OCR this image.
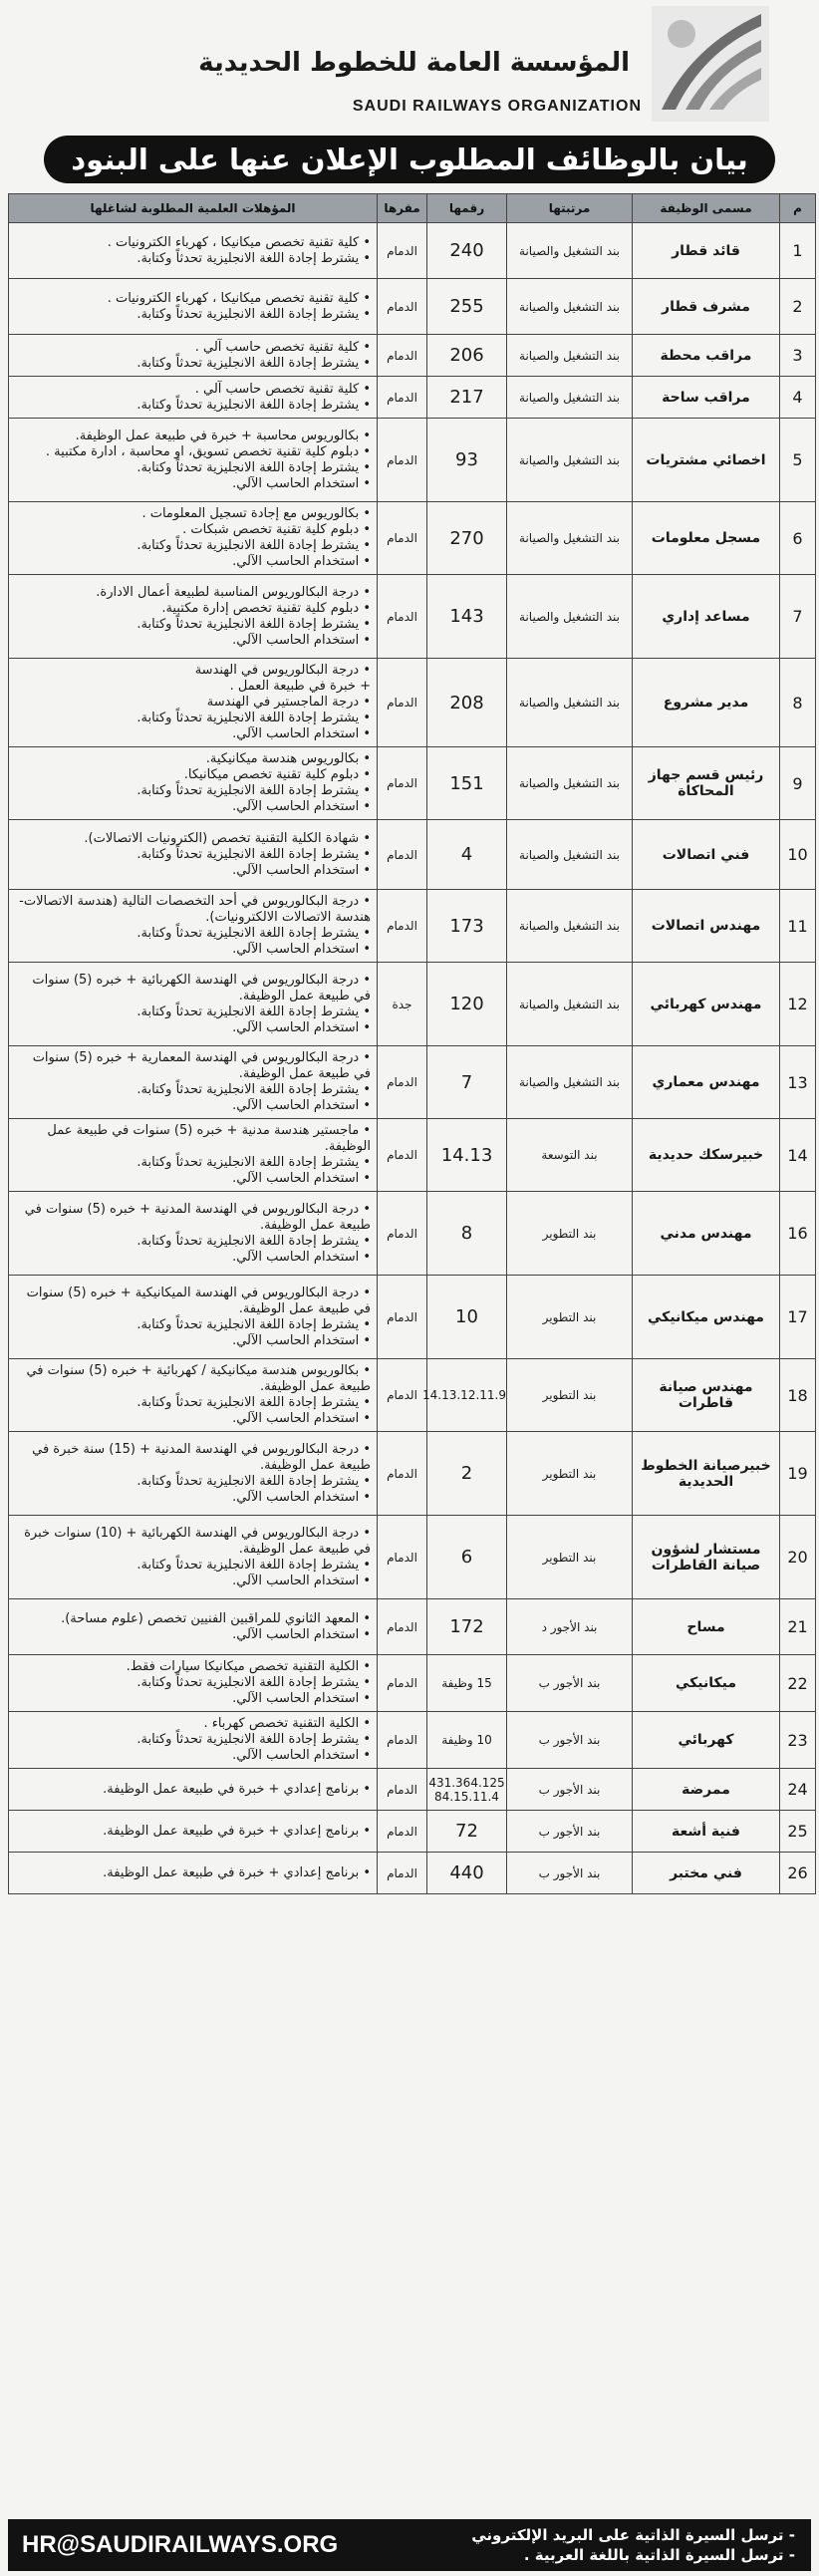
المؤسسة العامة للخطوط الحديدية
SAUDI RAILWAYS ORGANIZATION
بيان بالوظائف المطلوب الإعلان عنها على البنود
م	مسمى الوظيفة	مرتبتها	رقمها	مقرها	المؤهلات العلمية المطلوبة لشاغلها
1	قائد قطار	بند التشغيل والصيانة	240	الدمام	• كلية تقنية تخصص ميكانيكا ، كهرباء الكترونيات .
• يشترط إجادة اللغة الانجليزية تحدثاً وكتابة.

2	مشرف قطار	بند التشغيل والصيانة	255	الدمام	• كلية تقنية تخصص ميكانيكا ، كهرباء الكترونيات .
• يشترط إجادة اللغة الانجليزية تحدثاً وكتابة.

3	مراقب محطة	بند التشغيل والصيانة	206	الدمام	• كلية تقنية تخصص حاسب آلي .
• يشترط إجادة اللغة الانجليزية تحدثاً وكتابة.

4	مراقب ساحة	بند التشغيل والصيانة	217	الدمام	• كلية تقنية تخصص حاسب آلي .
• يشترط إجادة اللغة الانجليزية تحدثاً وكتابة.

5	اخصائي مشتريات	بند التشغيل والصيانة	93	الدمام	• بكالوريوس محاسبة + خبرة في طبيعة عمل الوظيفة.
• دبلوم كلية تقنية تخصص تسويق، او محاسبة ، ادارة مكتبية .
• يشترط إجادة اللغة الانجليزية تحدثاً وكتابة.
• استخدام الحاسب الآلي.

6	مسجل معلومات	بند التشغيل والصيانة	270	الدمام	• بكالوريوس مع إجادة تسجيل المعلومات .
• دبلوم كلية تقنية تخصص شبكات .
• يشترط إجادة اللغة الانجليزية تحدثاً وكتابة.
• استخدام الحاسب الآلي.

7	مساعد إداري	بند التشغيل والصيانة	143	الدمام	• درجة البكالوريوس المناسبة لطبيعة أعمال الادارة.
• دبلوم كلية تقنية تخصص إدارة مكتبية.
• يشترط إجادة اللغة الانجليزية تحدثاً وكتابة.
• استخدام الحاسب الآلي.

8	مدير مشروع	بند التشغيل والصيانة	208	الدمام	• درجة البكالوريوس في الهندسة
+ خبرة في طبيعة العمل .
• درجة الماجستير في الهندسة
• يشترط إجادة اللغة الانجليزية تحدثاً وكتابة.
• استخدام الحاسب الآلي.

9	رئيس قسم جهاز المحاكاة	بند التشغيل والصيانة	151	الدمام	• بكالوريوس هندسة ميكانيكية.
• دبلوم كلية تقنية تخصص ميكانيكا.
• يشترط إجادة اللغة الانجليزية تحدثاً وكتابة.
• استخدام الحاسب الآلي.

10	فني اتصالات	بند التشغيل والصيانة	4	الدمام	• شهادة الكلية التقنية تخصص (الكترونيات الاتصالات).
• يشترط إجادة اللغة الانجليزية تحدثاً وكتابة.
• استخدام الحاسب الآلي.

11	مهندس اتصالات	بند التشغيل والصيانة	173	الدمام	• درجة البكالوريوس في أحد التخصصات التالية (هندسة الاتصالات-هندسة الاتصالات الالكترونيات).
• يشترط إجادة اللغة الانجليزية تحدثاً وكتابة.
• استخدام الحاسب الآلي.

12	مهندس كهربائي	بند التشغيل والصيانة	120	جدة	• درجة البكالوريوس في الهندسة الكهربائية + خبره (5) سنوات في طبيعة عمل الوظيفة.
• يشترط إجادة اللغة الانجليزية تحدثاً وكتابة.
• استخدام الحاسب الآلي.

13	مهندس معماري	بند التشغيل والصيانة	7	الدمام	• درجة البكالوريوس في الهندسة المعمارية + خبره (5) سنوات في طبيعة عمل الوظيفة.
• يشترط إجادة اللغة الانجليزية تحدثاً وكتابة.
• استخدام الحاسب الآلي.

14	خبيرسكك حديدية	بند التوسعة	14.13	الدمام	• ماجستير هندسة مدنية + خبره (5) سنوات في طبيعة عمل الوظيفة.
• يشترط إجادة اللغة الانجليزية تحدثاً وكتابة.
• استخدام الحاسب الآلي.

16	مهندس مدني	بند التطوير	8	الدمام	• درجة البكالوريوس في الهندسة المدنية + خبره (5) سنوات في طبيعة عمل الوظيفة.
• يشترط إجادة اللغة الانجليزية تحدثاً وكتابة.
• استخدام الحاسب الآلي.

17	مهندس ميكانيكي	بند التطوير	10	الدمام	• درجة البكالوريوس في الهندسة الميكانيكية + خبره (5) سنوات في طبيعة عمل الوظيفة.
• يشترط إجادة اللغة الانجليزية تحدثاً وكتابة.
• استخدام الحاسب الآلي.

18	مهندس صيانة قاطرات	بند التطوير	14.13.12.11.9	الدمام	• بكالوريوس هندسة ميكانيكية / كهربائية + خبره (5) سنوات في طبيعة عمل الوظيفة.
• يشترط إجادة اللغة الانجليزية تحدثاً وكتابة.
• استخدام الحاسب الآلي.

19	خبيرصيانة الخطوط الحديدية	بند التطوير	2	الدمام	• درجة البكالوريوس في الهندسة المدنية + (15) سنة خبرة في طبيعة عمل الوظيفة.
• يشترط إجادة اللغة الانجليزية تحدثاً وكتابة.
• استخدام الحاسب الآلي.

20	مستشار لشؤون صيانة القاطرات	بند التطوير	6	الدمام	• درجة البكالوريوس في الهندسة الكهربائية + (10) سنوات خبرة في طبيعة عمل الوظيفة.
• يشترط إجادة اللغة الانجليزية تحدثاً وكتابة.
• استخدام الحاسب الآلي.

21	مساح	بند الأجور د	172	الدمام	• المعهد الثانوي للمراقبين الفنيين تخصص (علوم مساحة).
• استخدام الحاسب الآلي.

22	ميكانيكي	بند الأجور ب	15 وظيفة	الدمام	• الكلية التقنية تخصص ميكانيكا سيارات فقط.
• يشترط إجادة اللغة الانجليزية تحدثاً وكتابة.
• استخدام الحاسب الآلي.

23	كهربائي	بند الأجور ب	10 وظيفة	الدمام	• الكلية التقنية تخصص كهرباء .
• يشترط إجادة اللغة الانجليزية تحدثاً وكتابة.
• استخدام الحاسب الآلي.

24	ممرضة	بند الأجور ب	431.364.125 84.15.11.4	الدمام	• برنامج إعدادي + خبرة في طبيعة عمل الوظيفة.

25	فنية أشعة	بند الأجور ب	72	الدمام	• برنامج إعدادي + خبرة في طبيعة عمل الوظيفة.

26	فني مختبر	بند الأجور ب	440	الدمام	• برنامج إعدادي + خبرة في طبيعة عمل الوظيفة.
HR@SAUDIRAILWAYS.ORG	- ترسل السيرة الذاتية على البريد الإلكتروني
- ترسل السيرة الذاتية باللغة العربية .
